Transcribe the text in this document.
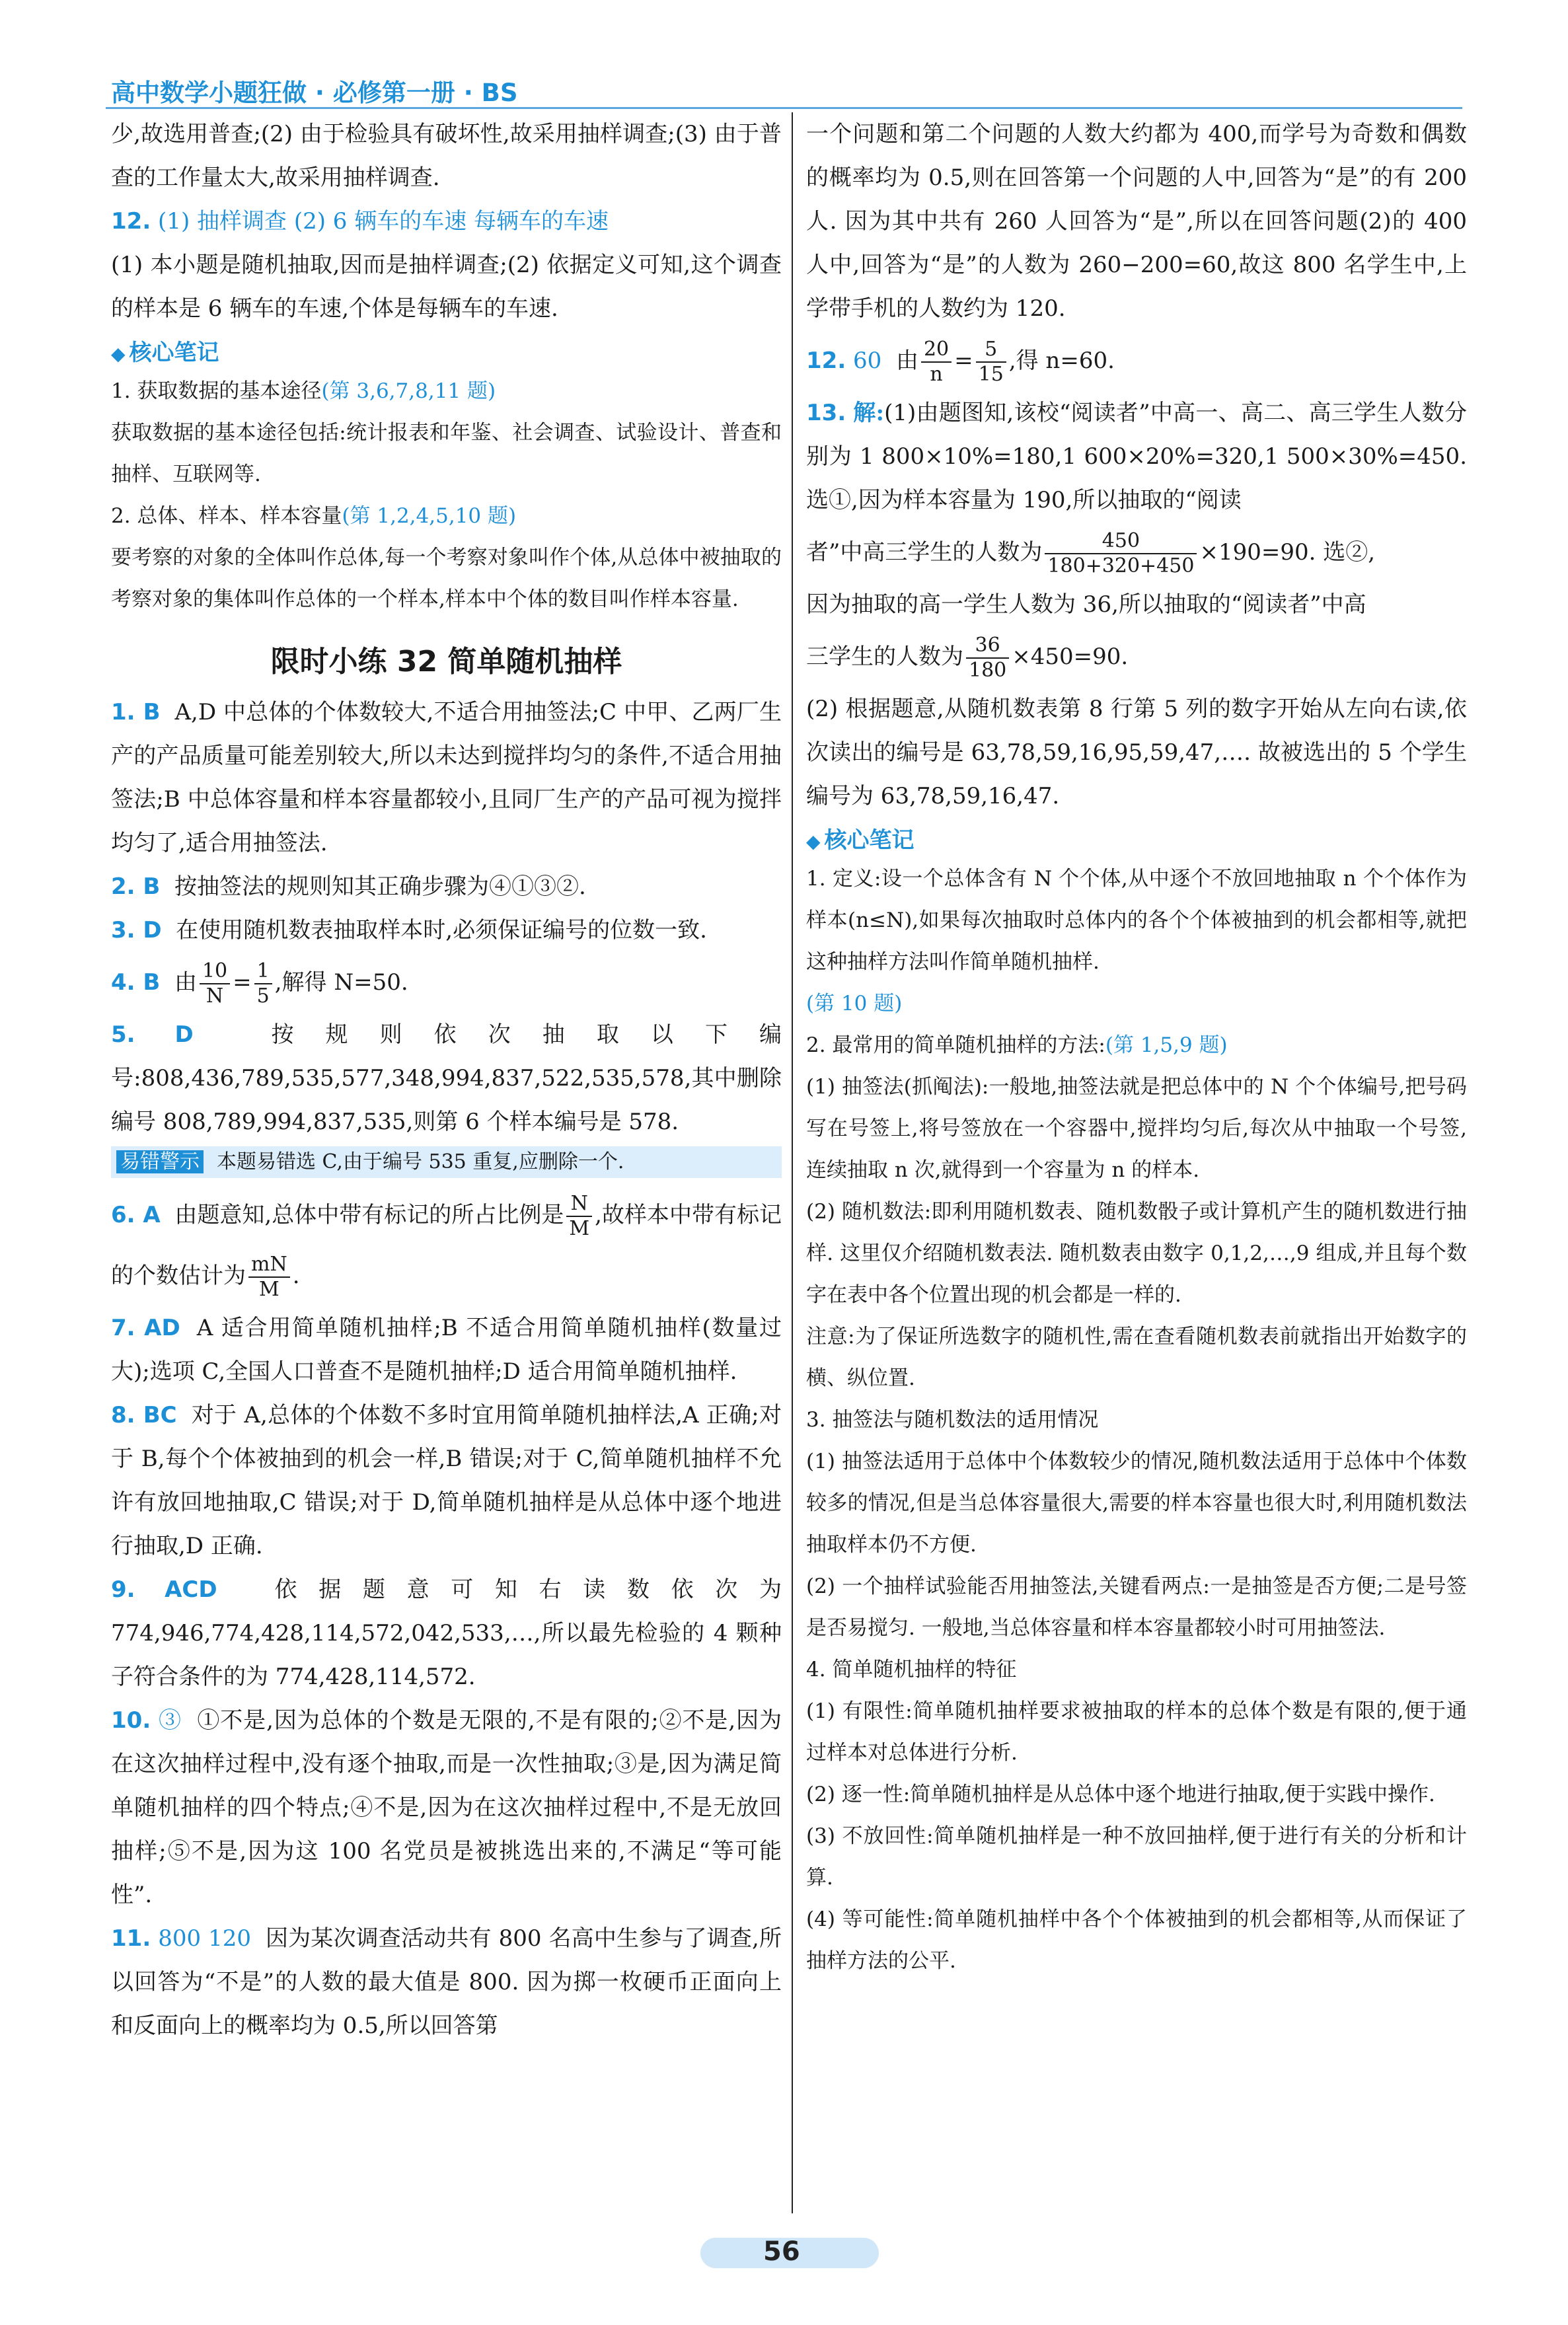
高中数学小题狂做 · 必修第一册 · BS

少,故选用普查;(2) 由于检验具有破坏性,故采用抽样调查;(3) 由于普查的工作量太大,故采用抽样调查.

12. (1) 抽样调查 (2) 6 辆车的车速 每辆车的车速

(1) 本小题是随机抽取,因而是抽样调查;(2) 依据定义可知,这个调查的样本是 6 辆车的车速,个体是每辆车的车速.

◆ 核心笔记

1. 获取数据的基本途径(第 3,6,7,8,11 题)

获取数据的基本途径包括:统计报表和年鉴、社会调查、试验设计、普查和抽样、互联网等.

2. 总体、样本、样本容量(第 1,2,4,5,10 题)

要考察的对象的全体叫作总体,每一个考察对象叫作个体,从总体中被抽取的考察对象的集体叫作总体的一个样本,样本中个体的数目叫作样本容量.

限时小练 32 简单随机抽样

1. B A,D 中总体的个体数较大,不适合用抽签法;C 中甲、乙两厂生产的产品质量可能差别较大,所以未达到搅拌均匀的条件,不适合用抽签法;B 中总体容量和样本容量都较小,且同厂生产的产品可视为搅拌均匀了,适合用抽签法.

2. B 按抽签法的规则知其正确步骤为④①③②.

3. D 在使用随机数表抽取样本时,必须保证编号的位数一致.

4. B 由 $\frac{10}{N} = \frac{1}{5}$ ,解得 N=50.

5. D	按规则依次抽取以下编号:808,436,789,535,577,348,994,837,522,535,578,其中删除编号 808,789,994,837,535,则第 6 个样本编号是 578.

易错警示 本题易错选 C,由于编号 535 重复,应删除一个.

6. A 由题意知,总体中带有标记的所占比例是 $\frac{N}{M}$ ,故样本中带有标记的个数估计为 $\frac{mN}{M}$ .

7. AD A 适合用简单随机抽样;B 不适合用简单随机抽样(数量过大);选项 C,全国人口普查不是随机抽样;D 适合用简单随机抽样.

8. BC 对于 A,总体的个体数不多时宜用简单随机抽样法,A 正确;对于 B,每个个体被抽到的机会一样,B 错误;对于 C,简单随机抽样不允许有放回地抽取,C 错误;对于 D,简单随机抽样是从总体中逐个地进行抽取,D 正确.

9. ACD	依据题意可知右读数依次为 774,946,774,428,114,572,042,533,…,所以最先检验的 4 颗种子符合条件的为 774,428,114,572.

10. ③ ①不是,因为总体的个数是无限的,不是有限的;②不是,因为在这次抽样过程中,没有逐个抽取,而是一次性抽取;③是,因为满足简单随机抽样的四个特点;④不是,因为在这次抽样过程中,不是无放回抽样;⑤不是,因为这 100 名党员是被挑选出来的,不满足“等可能性”.

11. 800 120 因为某次调查活动共有 800 名高中生参与了调查,所以回答为“不是”的人数的最大值是 800. 因为掷一枚硬币正面向上和反面向上的概率均为 0.5,所以回答第

一个问题和第二个问题的人数大约都为 400,而学号为奇数和偶数的概率均为 0.5,则在回答第一个问题的人中,回答为“是”的有 200 人. 因为其中共有 260 人回答为“是”,所以在回答问题(2)的 400 人中,回答为“是”的人数为 260−200=60,故这 800 名学生中,上学带手机的人数约为 120.

12. 60 由 $\frac{20}{n} = \frac{5}{15}$ ,得 n=60.

13. 解:(1)由题图知,该校“阅读者”中高一、高二、高三学生人数分别为 1 800×10%=180,1 600×20%=320,1 500×30%=450. 选①,因为样本容量为 190,所以抽取的“阅读

者”中高三学生的人数为 $\frac{450}{180+320+450} \times 190=90$. 选②,

因为抽取的高一学生人数为 36,所以抽取的“阅读者”中高

三学生的人数为 $\frac{36}{180} \times 450=90$.

(2) 根据题意,从随机数表第 8 行第 5 列的数字开始从左向右读,依次读出的编号是 63,78,59,16,95,59,47,…. 故被选出的 5 个学生编号为 63,78,59,16,47.

◆ 核心笔记

1. 定义:设一个总体含有 N 个个体,从中逐个不放回地抽取 n 个个体作为样本(n≤N),如果每次抽取时总体内的各个个体被抽到的机会都相等,就把这种抽样方法叫作简单随机抽样.

(第 10 题)

2. 最常用的简单随机抽样的方法:(第 1,5,9 题)

(1) 抽签法(抓阄法):一般地,抽签法就是把总体中的 N 个个体编号,把号码写在号签上,将号签放在一个容器中,搅拌均匀后,每次从中抽取一个号签,连续抽取 n 次,就得到一个容量为 n 的样本.

(2) 随机数法:即利用随机数表、随机数骰子或计算机产生的随机数进行抽样. 这里仅介绍随机数表法. 随机数表由数字 0,1,2,…,9 组成,并且每个数字在表中各个位置出现的机会都是一样的.

注意:为了保证所选数字的随机性,需在查看随机数表前就指出开始数字的横、纵位置.

3. 抽签法与随机数法的适用情况

(1) 抽签法适用于总体中个体数较少的情况,随机数法适用于总体中个体数较多的情况,但是当总体容量很大,需要的样本容量也很大时,利用随机数法抽取样本仍不方便.

(2) 一个抽样试验能否用抽签法,关键看两点:一是抽签是否方便;二是号签是否易搅匀. 一般地,当总体容量和样本容量都较小时可用抽签法.

4. 简单随机抽样的特征

(1) 有限性:简单随机抽样要求被抽取的样本的总体个数是有限的,便于通过样本对总体进行分析.

(2) 逐一性:简单随机抽样是从总体中逐个地进行抽取,便于实践中操作.

(3) 不放回性:简单随机抽样是一种不放回抽样,便于进行有关的分析和计算.

(4) 等可能性:简单随机抽样中各个个体被抽到的机会都相等,从而保证了抽样方法的公平.

56
